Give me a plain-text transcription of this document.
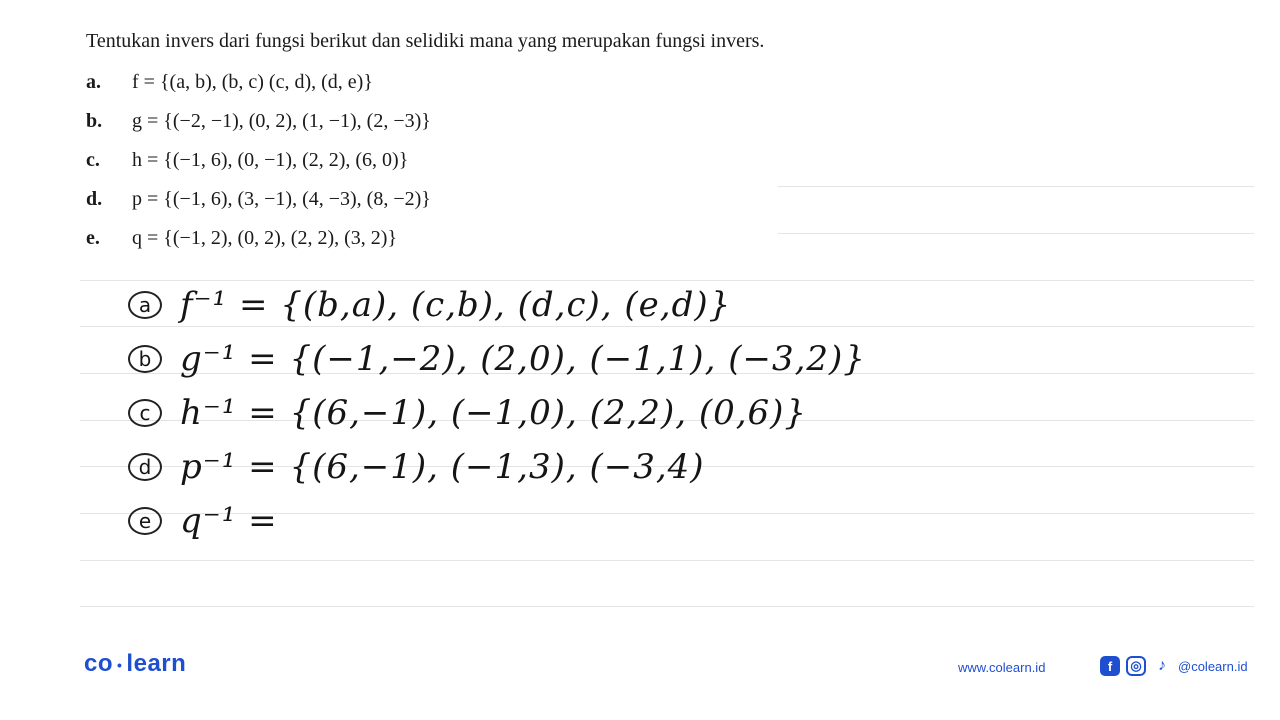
Tentukan invers dari fungsi berikut dan selidiki mana yang merupakan fungsi invers.

a.	f = {(a, b), (b, c) (c, d), (d, e)}
b.	g = {(−2, −1), (0, 2), (1, −1), (2, −3)}
c.	h = {(−1, 6), (0, −1), (2, 2), (6, 0)}
d.	p = {(−1, 6), (3, −1), (4, −3), (8, −2)}
e.	q = {(−1, 2), (0, 2), (2, 2), (3, 2)}
a f⁻¹ = {(b,a), (c,b), (d,c), (e,d)}
b g⁻¹ = {(−1,−2), (2,0), (−1,1), (−3,2)}
c h⁻¹ = {(6,−1), (−1,0), (2,2), (0,6)}
d p⁻¹ = {(6,−1), (−1,3), (−3,4)
e q⁻¹ =
co • learn	www.colearn.id	f	◎	♪ @colearn.id
